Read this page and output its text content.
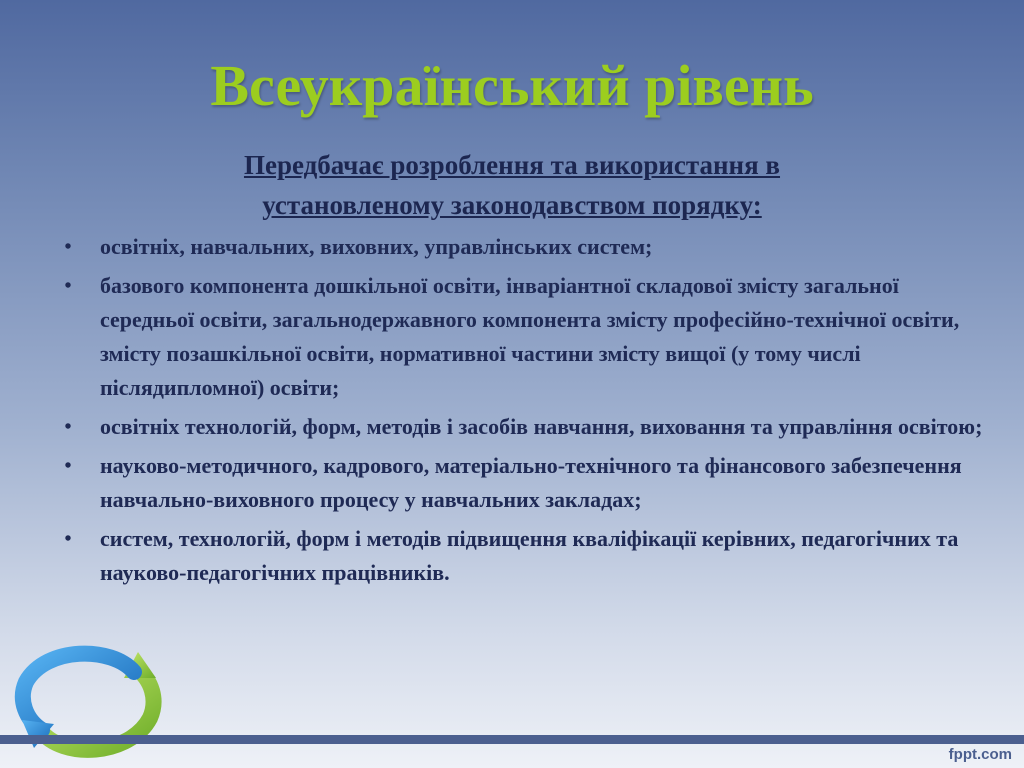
Всеукраїнський рівень
Передбачає розроблення та використання в установленому законодавством порядку:
• освітніх, навчальних, виховних, управлінських систем;
• базового компонента дошкільної освіти, інваріантної складової змісту загальної середньої освіти, загальнодержавного компонента змісту професійно-технічної освіти, змісту позашкільної освіти, нормативної частини змісту вищої (у тому числі післядипломної) освіти;
• освітніх технологій, форм, методів і засобів навчання, виховання та управління освітою;
• науково-методичного, кадрового, матеріально-технічного та фінансового забезпечення навчально-виховного процесу у навчальних закладах;
• систем, технологій, форм і методів підвищення кваліфікації керівних, педагогічних та науково-педагогічних працівників.
fppt.com
